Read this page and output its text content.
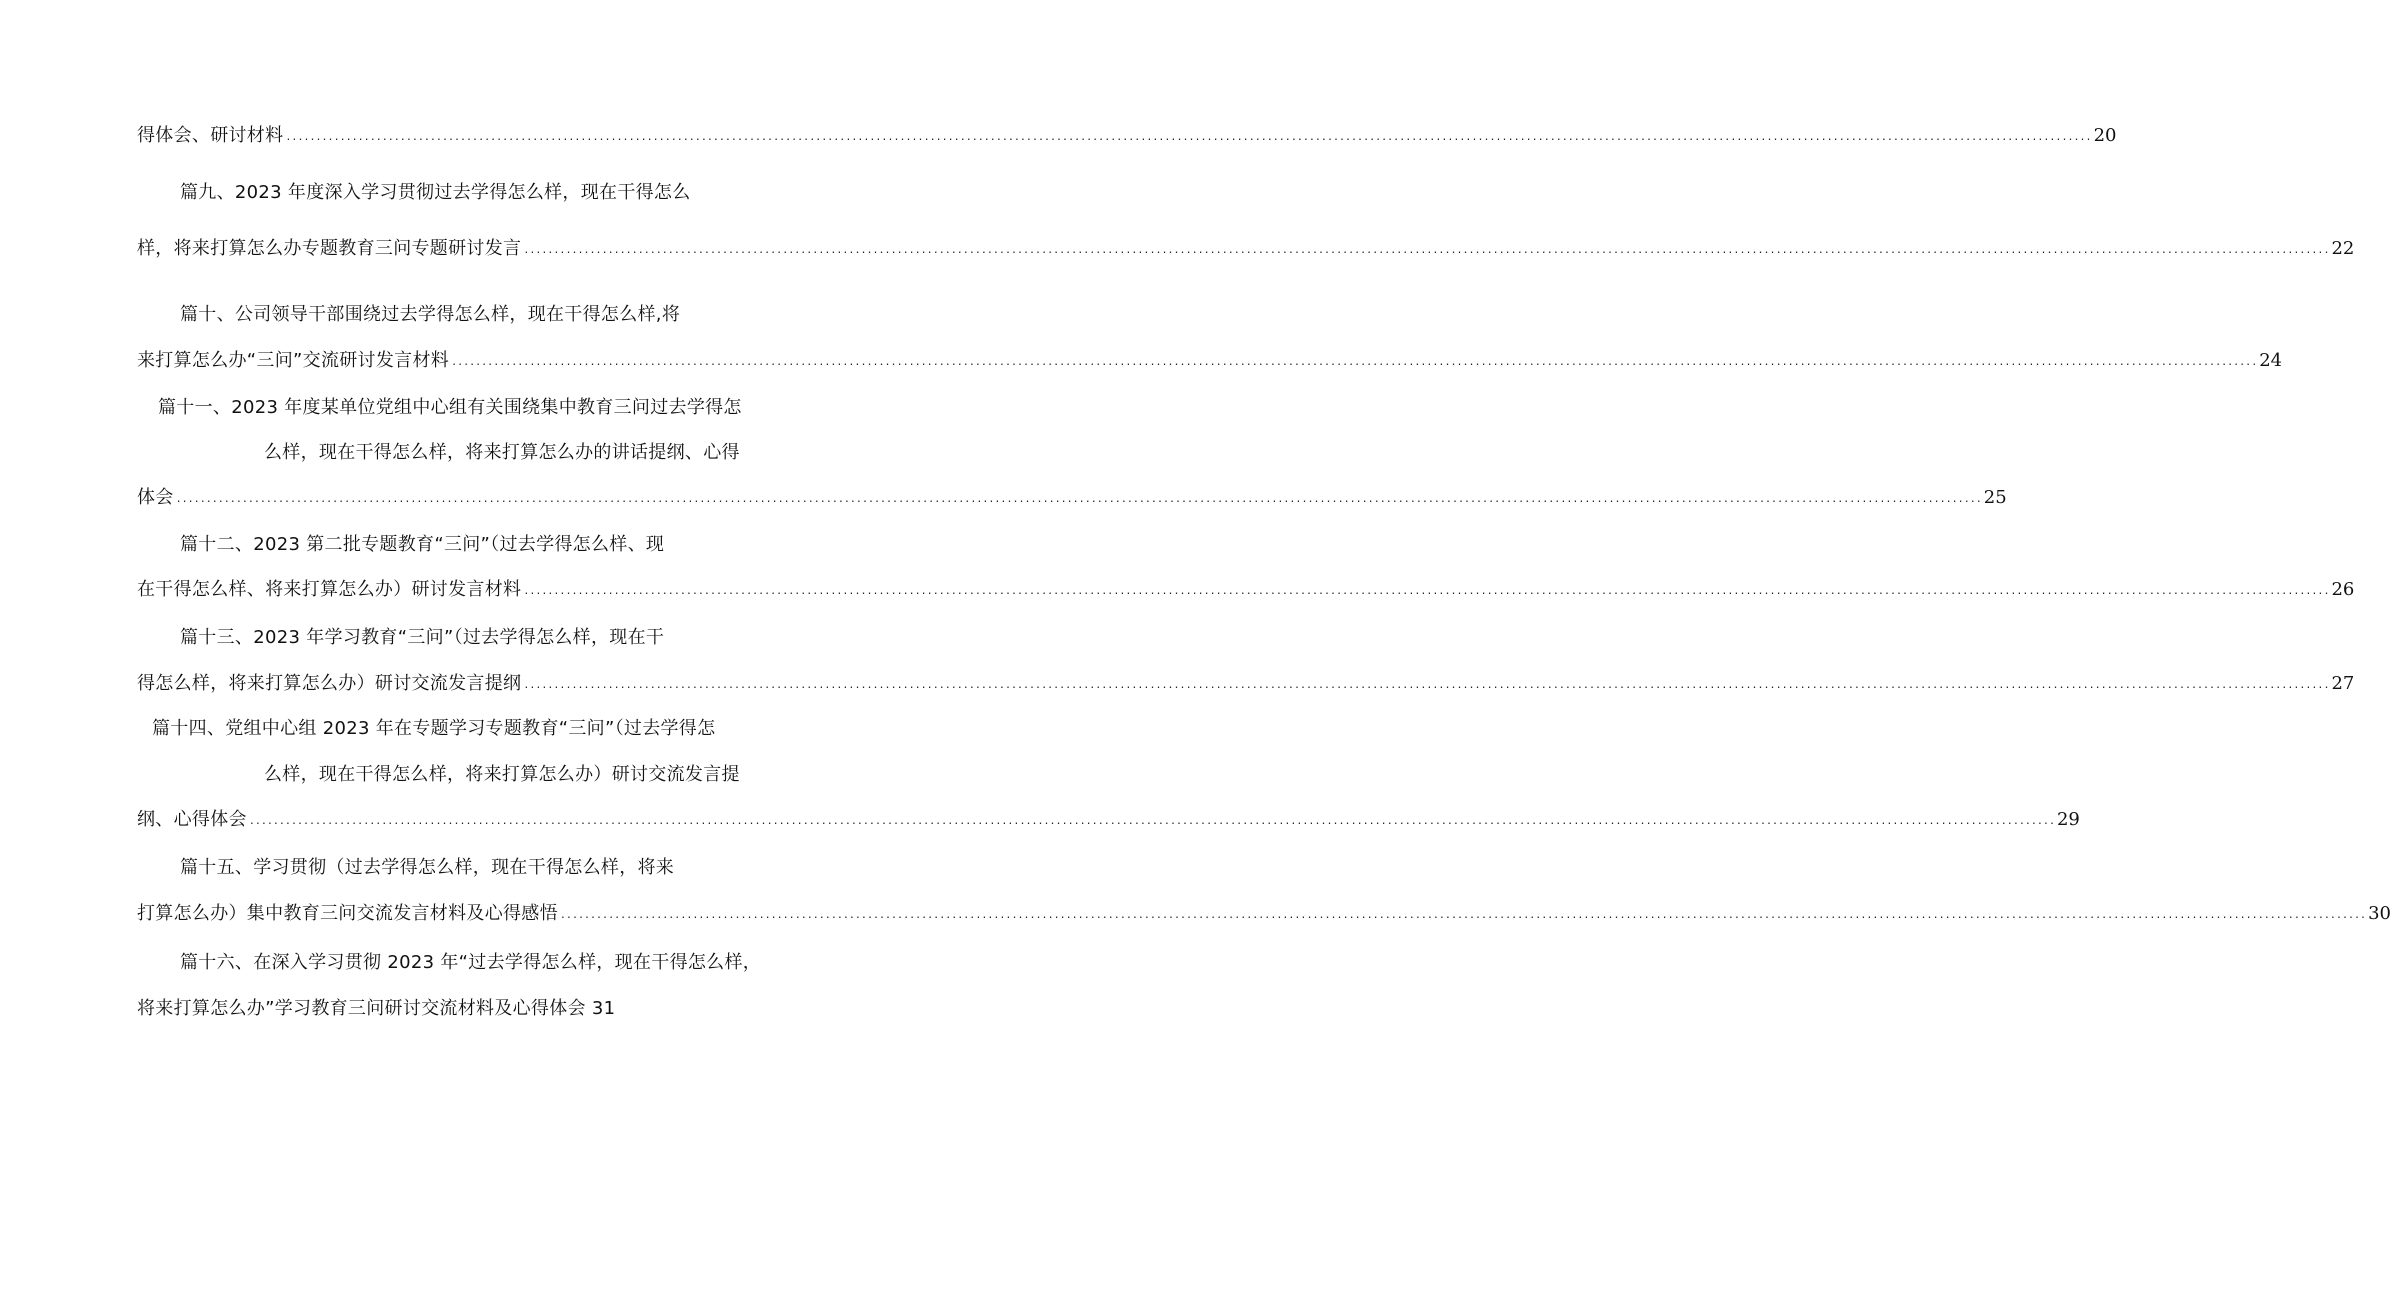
得体会、研讨材料 ............................................................................................................................................................................................................................................................................................................ 20
篇九、2023 年度深入学习贯彻过去学得怎么样，现在干得怎么
样，将来打算怎么办专题教育三问专题研讨发言 ............................................................................................................................................................................................................................................................................................................ 22
篇十、公司领导干部围绕过去学得怎么样，现在干得怎么样,将
来打算怎么办“三问”交流研讨发言材料 ............................................................................................................................................................................................................................................................................................................ 24
篇十一、2023 年度某单位党组中心组有关围绕集中教育三问过去学得怎
么样，现在干得怎么样，将来打算怎么办的讲话提纲、心得
体会 ............................................................................................................................................................................................................................................................................................................ 25
篇十二、2023 第二批专题教育“三问”（过去学得怎么样、现
在干得怎么样、将来打算怎么办）研讨发言材料 ............................................................................................................................................................................................................................................................................................................ 26
篇十三、2023 年学习教育“三问”（过去学得怎么样，现在干
得怎么样，将来打算怎么办）研讨交流发言提纲 ............................................................................................................................................................................................................................................................................................................ 27
篇十四、党组中心组 2023 年在专题学习专题教育“三问”（过去学得怎
么样，现在干得怎么样，将来打算怎么办）研讨交流发言提
纲、心得体会 ............................................................................................................................................................................................................................................................................................................ 29
篇十五、学习贯彻（过去学得怎么样，现在干得怎么样，将来
打算怎么办）集中教育三问交流发言材料及心得感悟 ............................................................................................................................................................................................................................................................................................................ 30
篇十六、在深入学习贯彻 2023 年“过去学得怎么样，现在干得怎么样，
将来打算怎么办”学习教育三问研讨交流材料及心得体会 31
